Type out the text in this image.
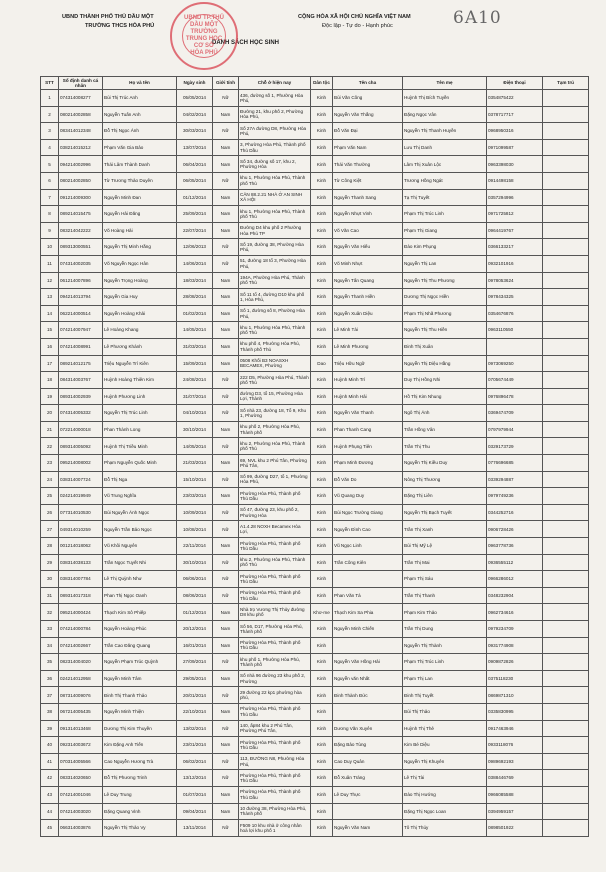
UBND THÀNH PHỐ THỦ DẦU MỘT
TRƯỜNG THCS HÒA PHÚ
CỘNG HÒA XÃ HỘI CHỦ NGHĨA VIỆT NAM
Độc lập - Tự do - Hạnh phúc
DANH SÁCH HỌC SINH
6A10
UBND TP.THỦ DẦU MỘT
TRƯỜNG
TRUNG HỌC
CƠ SỞ
HÒA PHÚ
STT	Số định danh cá nhân	Họ và tên	Ngày sinh	Giới tính	Chỗ ở hiện nay	Dân tộc	Tên cha	Tên mẹ	Điện thoại	Tạm trú
1	074314008277	Bùi Thị Trúc Anh	05/05/2014	Nữ	436, đường số 1, Phường Hòa Phú,	Kinh	Bùi Văn Công	Huỳnh Thị Bích Tuyền	0354875422	
2	080214002858	Nguyễn Tuấn Anh	04/02/2014	Nam	Đường 21, khu phố 2, Phường Hòa Phú,	Kinh	Nguyễn Văn Thắng	Đặng Ngọc Vân	0378717717	
3	083414012348	Đỗ Thị Ngọc Ánh	30/03/2014	Nữ	Số 27A đường D8, Phường Hòa Phú,	Kinh	Đỗ Văn Đại	Nguyễn Thị Thanh Huyền	0968950316	
4	038214015212	Phạm Văn Gia Bảo	13/07/2014	Nam	3, Phường Hòa Phú, Thành phố Thủ Dầu	Kinh	Phạm Văn Nam	Lưu Thị Danh	0971099587	
5	094214002996	Thái Lâm Thành Danh	06/04/2014	Nam	Số 34, đường số 17, khu 2, Phường Hòa	Kinh	Thái Văn Thường	Lâm Thị Xuân Lộc	0963398030	
6	080214002850	Từ Trương Thảo Duyên	06/05/2014	Nữ	khu 1, Phường Hòa Phú, Thành phố Thủ	Kinh	Từ Công Kiệt	Trương Hồng Ngát	0914498158	
7	091214009300	Nguyễn Minh Đan	01/12/2014	Nam	CĂN 88.2.21 NHÀ Ở AN SINH XÃ HỘI	Kinh	Nguyễn Thanh Sang	Tạ Thị Tuyết	0357294996	
8	089214015475	Nguyễn Hải Đăng	25/09/2014	Nam	khu 1, Phường Hòa Phú, Thành phố Thủ	Kinh	Nguyễn Nhựt Vinh	Phạm Thị Trúc Linh	0971725812	
9	083214042222	Võ Hoàng Hải	22/07/2014	Nam	Đường D4 khu phố 2 Phường Hòa Phú TP	Kinh	Võ Văn Cao	Phạm Thị Giang	0964419767	
10	089313000551	Nguyễn Thị Minh Hằng	12/06/2013	Nữ	Số 19, đường 38, Phường Hòa Phú,	Kinh	Nguyễn Văn Hiếu	Đào Kim Phụng	0366133217	
11	074314002035	Võ Nguyễn Ngọc Hân	14/06/2014	Nữ	51, đường 18 tổ 3, Phường Hòa Phú,	Kinh	Võ Minh Nhựt	Nguyễn Thị Lan	0932101916	
12	061214007896	Nguyễn Trọng Hoàng	18/03/2014	Nam	194A, Phường Hòa Phú, Thành phố Thủ	Kinh	Nguyễn Tấn Quang	Nguyễn Thị Thu Phương	0978053624	
13	094214013794	Nguyễn Gia Huy	28/08/2014	Nam	Số 11 tổ 4, đường D10 khu phố 1, Hòa Phú,	Kinh	Nguyễn Thanh Hiền	Dương Thị Ngọc Hiền	0978434325	
14	062214000514	Nguyễn Hoàng Khải	01/02/2014	Nam	Số 1, đường số 8, Phường Hòa Phú,	Kinh	Nguyễn Xuân Diệu	Phạm Thị Nhã Phương	0354676876	
15	074214007947	Lê Hoàng Khang	14/05/2014	Nam	khu 1, Phường Hòa Phú, Thành phố Thủ	Kinh	Lê Minh Tài	Nguyễn Thị Thu Hiền	0963110550	
16	074214008991	Lê Phương Khánh	31/03/2014	Nam	khu phố 4, Phường Hòa Phú, Thành phố Thủ	Kinh	Lê Minh Phương	Đinh Thị Xuân		
17	089214012175	Triệu Nguyễn Trí Kiên	15/09/2014	Nam	0508 Khối B3 NOASXH BECAMEX, Phường	Dao	Triệu Hữu Ngữ	Nguyễn Thị Diệu Hằng	0973069250	
18	084314003767	Huỳnh Hoàng Thiên Kim	24/08/2014	Nữ	222 D5, Phường Hòa Phú, Thành phố Thủ	Kinh	Huỳnh Minh Trí	Duy Thị Hồng Nhi	0705674449	
19	089314002939	Huỳnh Phương Linh	31/07/2014	Nữ	đường D3, tổ 15, Phường Hòa Lợi, Thành	Kinh	Huỳnh Minh Hải	Hồ Thị Kim Nhung	0976896478	
20	074314005332	Nguyễn Thị Trúc Linh	04/10/2014	Nữ	Số nhà 23, đường 18, Tổ 9, Khu 1, Phường	Kinh	Nguyễn Văn Thanh	Ngô Thị Ánh	0369474709	
21	072214000018	Phan Thành Long	30/10/2014	Nam	khu phố 2, Phường Hòa Phú, Thành phố	Kinh	Phan Thanh Cang	Trần Hồng Vân	0797979944	
22	089314005092	Huỳnh Thị Triều Minh	14/05/2014	Nữ	khu 2, Phường Hòa Phú, Thành phố Thủ	Kinh	Huỳnh Phụng Tiên	Trần Thị Thu	0329173729	
23	095214008002	Phạm Nguyễn Quốc Minh	21/03/2014	Nam	69, NVL khu 2 Phú Tân, Phường Phú Tân,	Kinh	Phạm Minh Đương	Nguyễn Thị Kiều Duy	0776696685	
24	038314007724	Đỗ Thị Nga	15/10/2014	Nữ	Số 99, đường D27, tổ 1, Phường Hòa Phú,	Kinh	Đỗ Văn Do	Nông Thị Thương	0339294887	
25	024214019949	Vũ Trung Nghĩa	23/03/2014	Nam	Phường Hòa Phú, Thành phố Thủ Dầu	Kinh	Vũ Quang Duy	Đặng Thị Liên	0979749236	
26	077314010530	Bùi Nguyễn Ánh Ngọc	10/09/2014	Nữ	Số 47, đường 23, khu phố 2, Phường Hòa	Kinh	Bùi Ngọc Trường Giang	Nguyễn Thị Bạch Tuyết	0344252716	
27	049314010259	Nguyễn Trần Bảo Ngọc	10/08/2014	Nữ	A1.4.28 NOXH Becamex Hòa Lợi,	Kinh	Nguyễn Đình Cao	Trần Thị Xanh	0906728426	
28	001214018062	Vũ Khôi Nguyên	22/11/2014	Nam	Phường Hòa Phú, Thành phố Thủ Dầu	Kinh	Vũ Ngọc Linh	Bùi Thị Mỹ Lệ	0963778736	
29	038314038133	Trần Ngọc Tuyết Nhi	30/10/2014	Nữ	khu 2, Phường Hòa Phú, Thành phố Thủ	Kinh	Trần Công Kiên	Trần Thị Mai	0936555112	
30	038314007784	Lê Thị Quỳnh Như	06/06/2014	Nữ	Phường Hòa Phú, Thành phố Thủ Dầu	Kinh		Phạm Thị Sáu	0966286012	
31	089314017318	Phan Thị Ngọc Oanh	08/06/2014	Nữ	Phường Hòa Phú, Thành phố Thủ Dầu	Kinh	Phan Văn Tá	Trần Thị Thanh	0348232904	
32	095214000424	Thạch Kim Sô Phiếp	01/12/2014	Nam	Nhà trọ Vương Thị Thủy đường D8 khu phố	Khơ-me	Thạch Kim Sa Phia	Phạm Kim Thảo	0962734616	
33	074214000784	Nguyễn Hoàng Phúc	20/12/2014	Nam	Số 56, D17, Phường Hòa Phú, Thành phố	Kinh	Nguyễn Minh Chiến	Trần Thị Dung	0979234709	
34	074214002667	Trần Cao Đăng Quang	16/01/2014	Nam	Phường Hòa Phú, Thành phố Thủ Dầu	Kinh		Nguyễn Thị Thành	0931774908	
35	082314004020	Nguyễn Phạm Trúc Quỳnh	27/09/2014	Nữ	khu phố 1, Phường Hòa Phú, Thành phố	Kinh	Nguyễn Văn Hồng Hải	Phạm Thị Trúc Linh	0909872826	
36	024214012958	Nguyễn Minh Tâm	29/05/2014	Nam	Số nhà 96 đường 23 khu phố 2, Phường	Kinh	Nguyễn văn Nhất	Phạm Thị Lan	0375118230	
37	087314009076	Đinh Thị Thanh Thảo	20/01/2014	Nữ	29 đường 22 kp1 phường hòa phú,	Kinh	Đinh Thành Đức	Đinh Thị Tuyết	0869871310	
38	067214005435	Nguyễn Minh Thiện	22/10/2014	Nam	Phường Hòa Phú, Thành phố Thủ Dầu	Kinh		Bùi Thị Thảo	0335830995	
39	091314013468	Dương Thị Kim Thuyền	13/02/2014	Nữ	140, ấp84 khu 2 Phú Tân, Phường Phú Tân,	Kinh	Dương Văn Xuyên	Huỳnh Thị Thẻ	0917463946	
40	092314003672	Kim Đặng Anh Tiến	23/01/2014	Nam	Phường Hòa Phú, Thành phố Thủ Dầu	Kinh	Đặng Bảo Tùng	Kim Bé Diệu	0933118076	
41	070314005566	Cao Nguyễn Hương Trà	06/02/2014	Nữ	113, ĐƯỜNG N8, Phường Hòa Phú,	Kinh	Cao Duy Quân	Nguyễn Thị Khuyên	0989692193	
42	083314020650	Đỗ Thị Phương Trinh	13/12/2014	Nữ	Phường Hòa Phú, Thành phố Thủ Dầu	Kinh	Đỗ Xuân Tráng	Lê Thị Tài	0388446769	
43	074214001046	Lê Duy Trung	01/07/2014	Nam	Phường Hòa Phú, Thành phố Thủ Dầu	Kinh	Lê Duy Thực	Đào Thị Hướng	0966085588	
44	074214003020	Đặng Quang Vinh	09/04/2014	Nam	10 đường 38, Phường Hòa Phú, Thành phố	Kinh		Đặng Thị Ngọc Loan	0394959157	
45	066314003876	Nguyễn Thị Thảo Vy	13/11/2014	Nữ	F509 10 khu nhà ở công nhân hoà lợi khu phố 1	Kinh	Nguyễn Văn Nam	Tô Thị Thúy	0898501922	
